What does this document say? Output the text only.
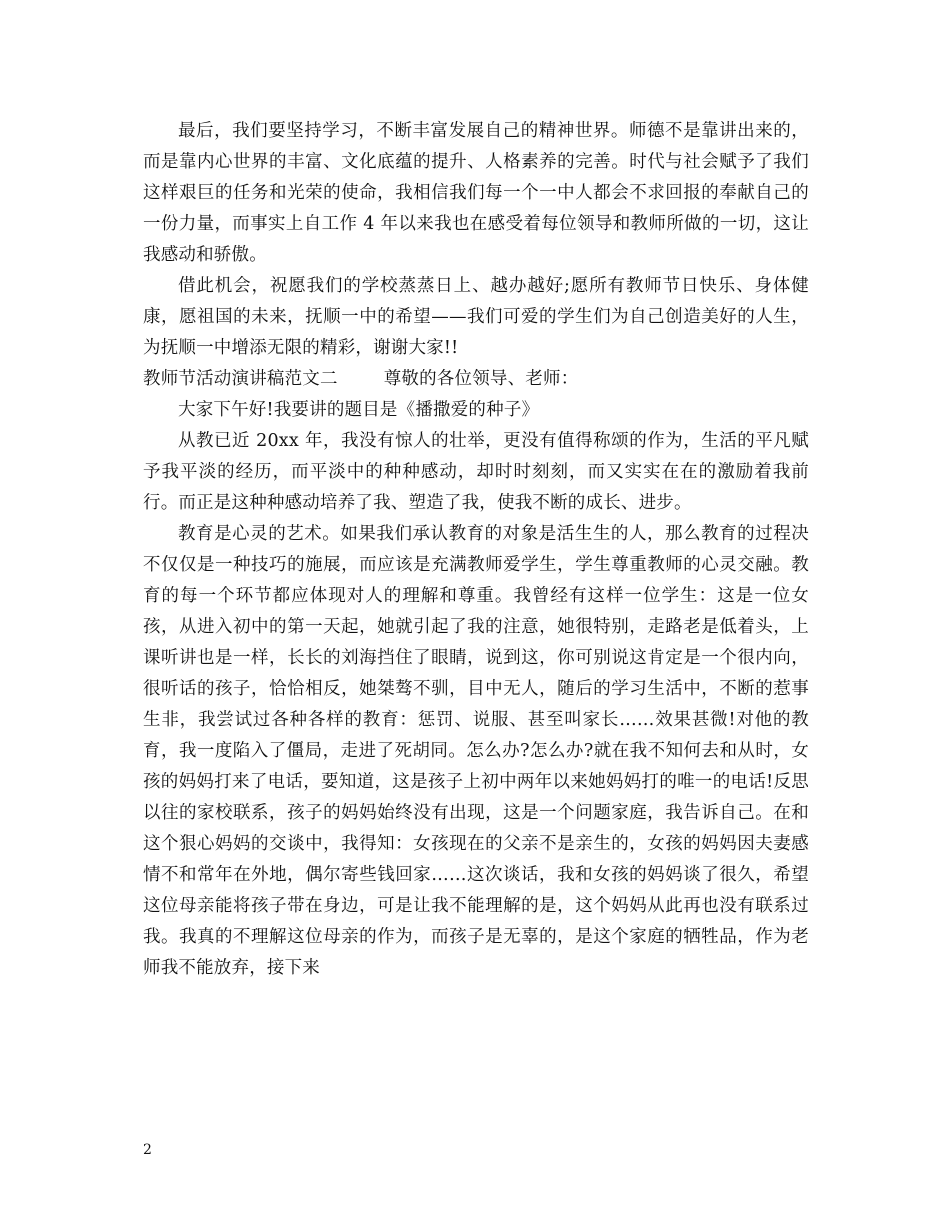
最后，我们要坚持学习，不断丰富发展自己的精神世界。师德不是靠讲出来的，而是靠内心世界的丰富、文化底蕴的提升、人格素养的完善。时代与社会赋予了我们这样艰巨的任务和光荣的使命，我相信我们每一个一中人都会不求回报的奉献自己的一份力量，而事实上自工作 4 年以来我也在感受着每位领导和教师所做的一切，这让我感动和骄傲。

借此机会，祝愿我们的学校蒸蒸日上、越办越好;愿所有教师节日快乐、身体健康，愿祖国的未来，抚顺一中的希望——我们可爱的学生们为自己创造美好的人生，为抚顺一中增添无限的精彩，谢谢大家!!

教师节活动演讲稿范文二	尊敬的各位领导、老师：

大家下午好!我要讲的题目是《播撒爱的种子》

从教已近 20xx 年，我没有惊人的壮举，更没有值得称颂的作为，生活的平凡赋予我平淡的经历，而平淡中的种种感动，却时时刻刻，而又实实在在的激励着我前行。而正是这种种感动培养了我、塑造了我，使我不断的成长、进步。

教育是心灵的艺术。如果我们承认教育的对象是活生生的人，那么教育的过程决不仅仅是一种技巧的施展，而应该是充满教师爱学生，学生尊重教师的心灵交融。教育的每一个环节都应体现对人的理解和尊重。我曾经有这样一位学生：这是一位女孩，从进入初中的第一天起，她就引起了我的注意，她很特别，走路老是低着头，上课听讲也是一样，长长的刘海挡住了眼睛，说到这，你可别说这肯定是一个很内向，很听话的孩子，恰恰相反，她桀骜不驯，目中无人，随后的学习生活中，不断的惹事生非，我尝试过各种各样的教育：惩罚、说服、甚至叫家长……效果甚微!对他的教育，我一度陷入了僵局，走进了死胡同。怎么办?怎么办?就在我不知何去和从时，女孩的妈妈打来了电话，要知道，这是孩子上初中两年以来她妈妈打的唯一的电话!反思以往的家校联系，孩子的妈妈始终没有出现，这是一个问题家庭，我告诉自己。在和这个狠心妈妈的交谈中，我得知：女孩现在的父亲不是亲生的，女孩的妈妈因夫妻感情不和常年在外地，偶尔寄些钱回家……这次谈话，我和女孩的妈妈谈了很久，希望这位母亲能将孩子带在身边，可是让我不能理解的是，这个妈妈从此再也没有联系过我。我真的不理解这位母亲的作为，而孩子是无辜的，是这个家庭的牺牲品，作为老师我不能放弃，接下来

2
